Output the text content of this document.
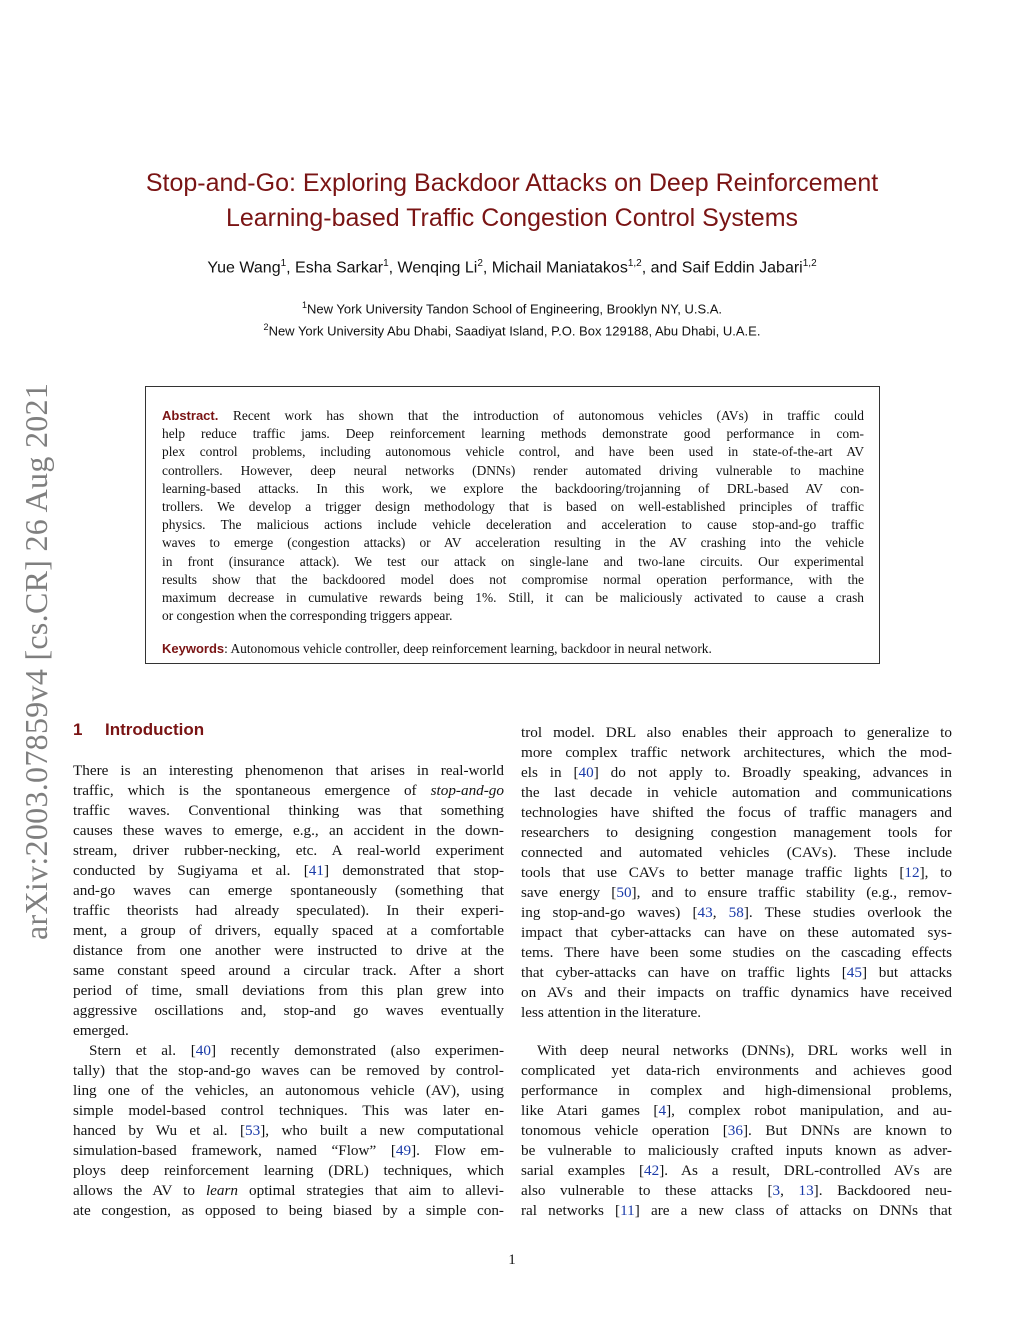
arXiv:2003.07859v4 [cs.CR] 26 Aug 2021
Stop-and-Go: Exploring Backdoor Attacks on Deep Reinforcement
Learning-based Traffic Congestion Control Systems
Yue Wang$^1$, Esha Sarkar$^1$, Wenqing Li$^2$, Michail Maniatakos$^{1,2}$, and Saif Eddin Jabari$^{1,2}$
$^1$New York University Tandon School of Engineering, Brooklyn NY, U.S.A.
$^2$New York University Abu Dhabi, Saadiyat Island, P.O. Box 129188, Abu Dhabi, U.A.E.
Abstract. Recent work has shown that the introduction of autonomous vehicles (AVs) in traffic could
help reduce traffic jams. Deep reinforcement learning methods demonstrate good performance in com-
plex control problems, including autonomous vehicle control, and have been used in state-of-the-art AV
controllers. However, deep neural networks (DNNs) render automated driving vulnerable to machine
learning-based attacks. In this work, we explore the backdooring/trojanning of DRL-based AV con-
trollers. We develop a trigger design methodology that is based on well-established principles of traffic
physics. The malicious actions include vehicle deceleration and acceleration to cause stop-and-go traffic
waves to emerge (congestion attacks) or AV acceleration resulting in the AV crashing into the vehicle
in front (insurance attack). We test our attack on single-lane and two-lane circuits. Our experimental
results show that the backdoored model does not compromise normal operation performance, with the
maximum decrease in cumulative rewards being 1%. Still, it can be maliciously activated to cause a crash
or congestion when the corresponding triggers appear.
Keywords: Autonomous vehicle controller, deep reinforcement learning, backdoor in neural network.
1 Introduction
There is an interesting phenomenon that arises in real-world
traffic, which is the spontaneous emergence of stop-and-go
traffic waves. Conventional thinking was that something
causes these waves to emerge, e.g., an accident in the down-
stream, driver rubber-necking, etc. A real-world experiment
conducted by Sugiyama et al. [41] demonstrated that stop-
and-go waves can emerge spontaneously (something that
traffic theorists had already speculated). In their experi-
ment, a group of drivers, equally spaced at a comfortable
distance from one another were instructed to drive at the
same constant speed around a circular track. After a short
period of time, small deviations from this plan grew into
aggressive oscillations and, stop-and go waves eventually
emerged.
Stern et al. [40] recently demonstrated (also experimen-
tally) that the stop-and-go waves can be removed by control-
ling one of the vehicles, an autonomous vehicle (AV), using
simple model-based control techniques. This was later en-
hanced by Wu et al. [53], who built a new computational
simulation-based framework, named “Flow” [49]. Flow em-
ploys deep reinforcement learning (DRL) techniques, which
allows the AV to learn optimal strategies that aim to allevi-
ate congestion, as opposed to being biased by a simple con-
trol model. DRL also enables their approach to generalize to
more complex traffic network architectures, which the mod-
els in [40] do not apply to. Broadly speaking, advances in
the last decade in vehicle automation and communications
technologies have shifted the focus of traffic managers and
researchers to designing congestion management tools for
connected and automated vehicles (CAVs). These include
tools that use CAVs to better manage traffic lights [12], to
save energy [50], and to ensure traffic stability (e.g., remov-
ing stop-and-go waves) [43, 58]. These studies overlook the
impact that cyber-attacks can have on these automated sys-
tems. There have been some studies on the cascading effects
that cyber-attacks can have on traffic lights [45] but attacks
on AVs and their impacts on traffic dynamics have received
less attention in the literature.
With deep neural networks (DNNs), DRL works well in
complicated yet data-rich environments and achieves good
performance in complex and high-dimensional problems,
like Atari games [4], complex robot manipulation, and au-
tonomous vehicle operation [36]. But DNNs are known to
be vulnerable to maliciously crafted inputs known as adver-
sarial examples [42]. As a result, DRL-controlled AVs are
also vulnerable to these attacks [3, 13]. Backdoored neu-
ral networks [11] are a new class of attacks on DNNs that
1
